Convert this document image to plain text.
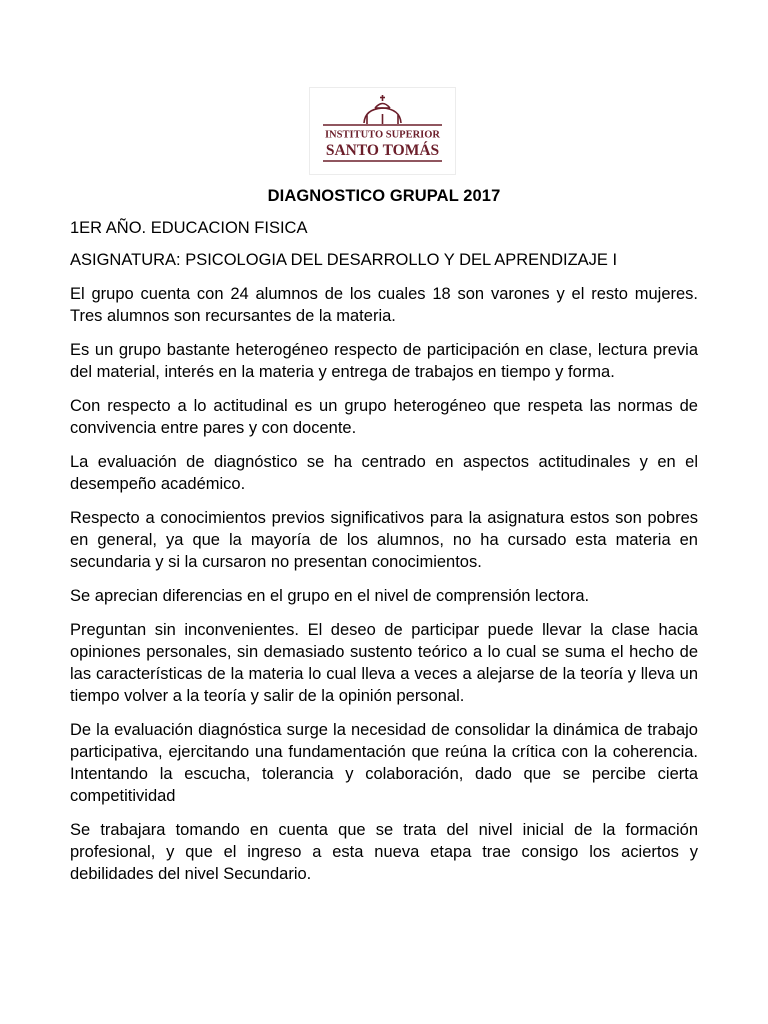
INSTITUTO SUPERIOR
SANTO TOMÁS
DIAGNOSTICO GRUPAL 2017
1ER AÑO. EDUCACION FISICA
ASIGNATURA: PSICOLOGIA DEL DESARROLLO Y DEL APRENDIZAJE I

El grupo cuenta con 24 alumnos de los cuales 18 son varones y el resto mujeres. Tres alumnos son recursantes de la materia.

Es un grupo bastante heterogéneo respecto de participación en clase, lectura previa del material, interés en la materia y entrega de trabajos en tiempo y forma.

Con respecto a lo actitudinal es un grupo heterogéneo que respeta las normas de convivencia entre pares y con docente.

La evaluación de diagnóstico se ha centrado en aspectos actitudinales y en el desempeño académico.

Respecto a conocimientos previos significativos para la asignatura estos son pobres en general, ya que la mayoría de los alumnos, no ha cursado esta materia en secundaria y si la cursaron no presentan conocimientos.

Se aprecian diferencias en el grupo en el nivel de comprensión lectora.

Preguntan sin inconvenientes. El deseo de participar puede llevar la clase hacia opiniones personales, sin demasiado sustento teórico a lo cual se suma el hecho de las características de la materia lo cual lleva a veces a alejarse de la teoría y lleva un tiempo volver a la teoría y salir de la opinión personal.

De la evaluación diagnóstica surge la necesidad de consolidar la dinámica de trabajo participativa, ejercitando una fundamentación que reúna la crítica con la coherencia. Intentando la escucha, tolerancia y colaboración, dado que se percibe cierta competitividad

Se trabajara tomando en cuenta que se trata del nivel inicial de la formación profesional, y que el ingreso a esta nueva etapa trae consigo los aciertos y debilidades del nivel Secundario.
